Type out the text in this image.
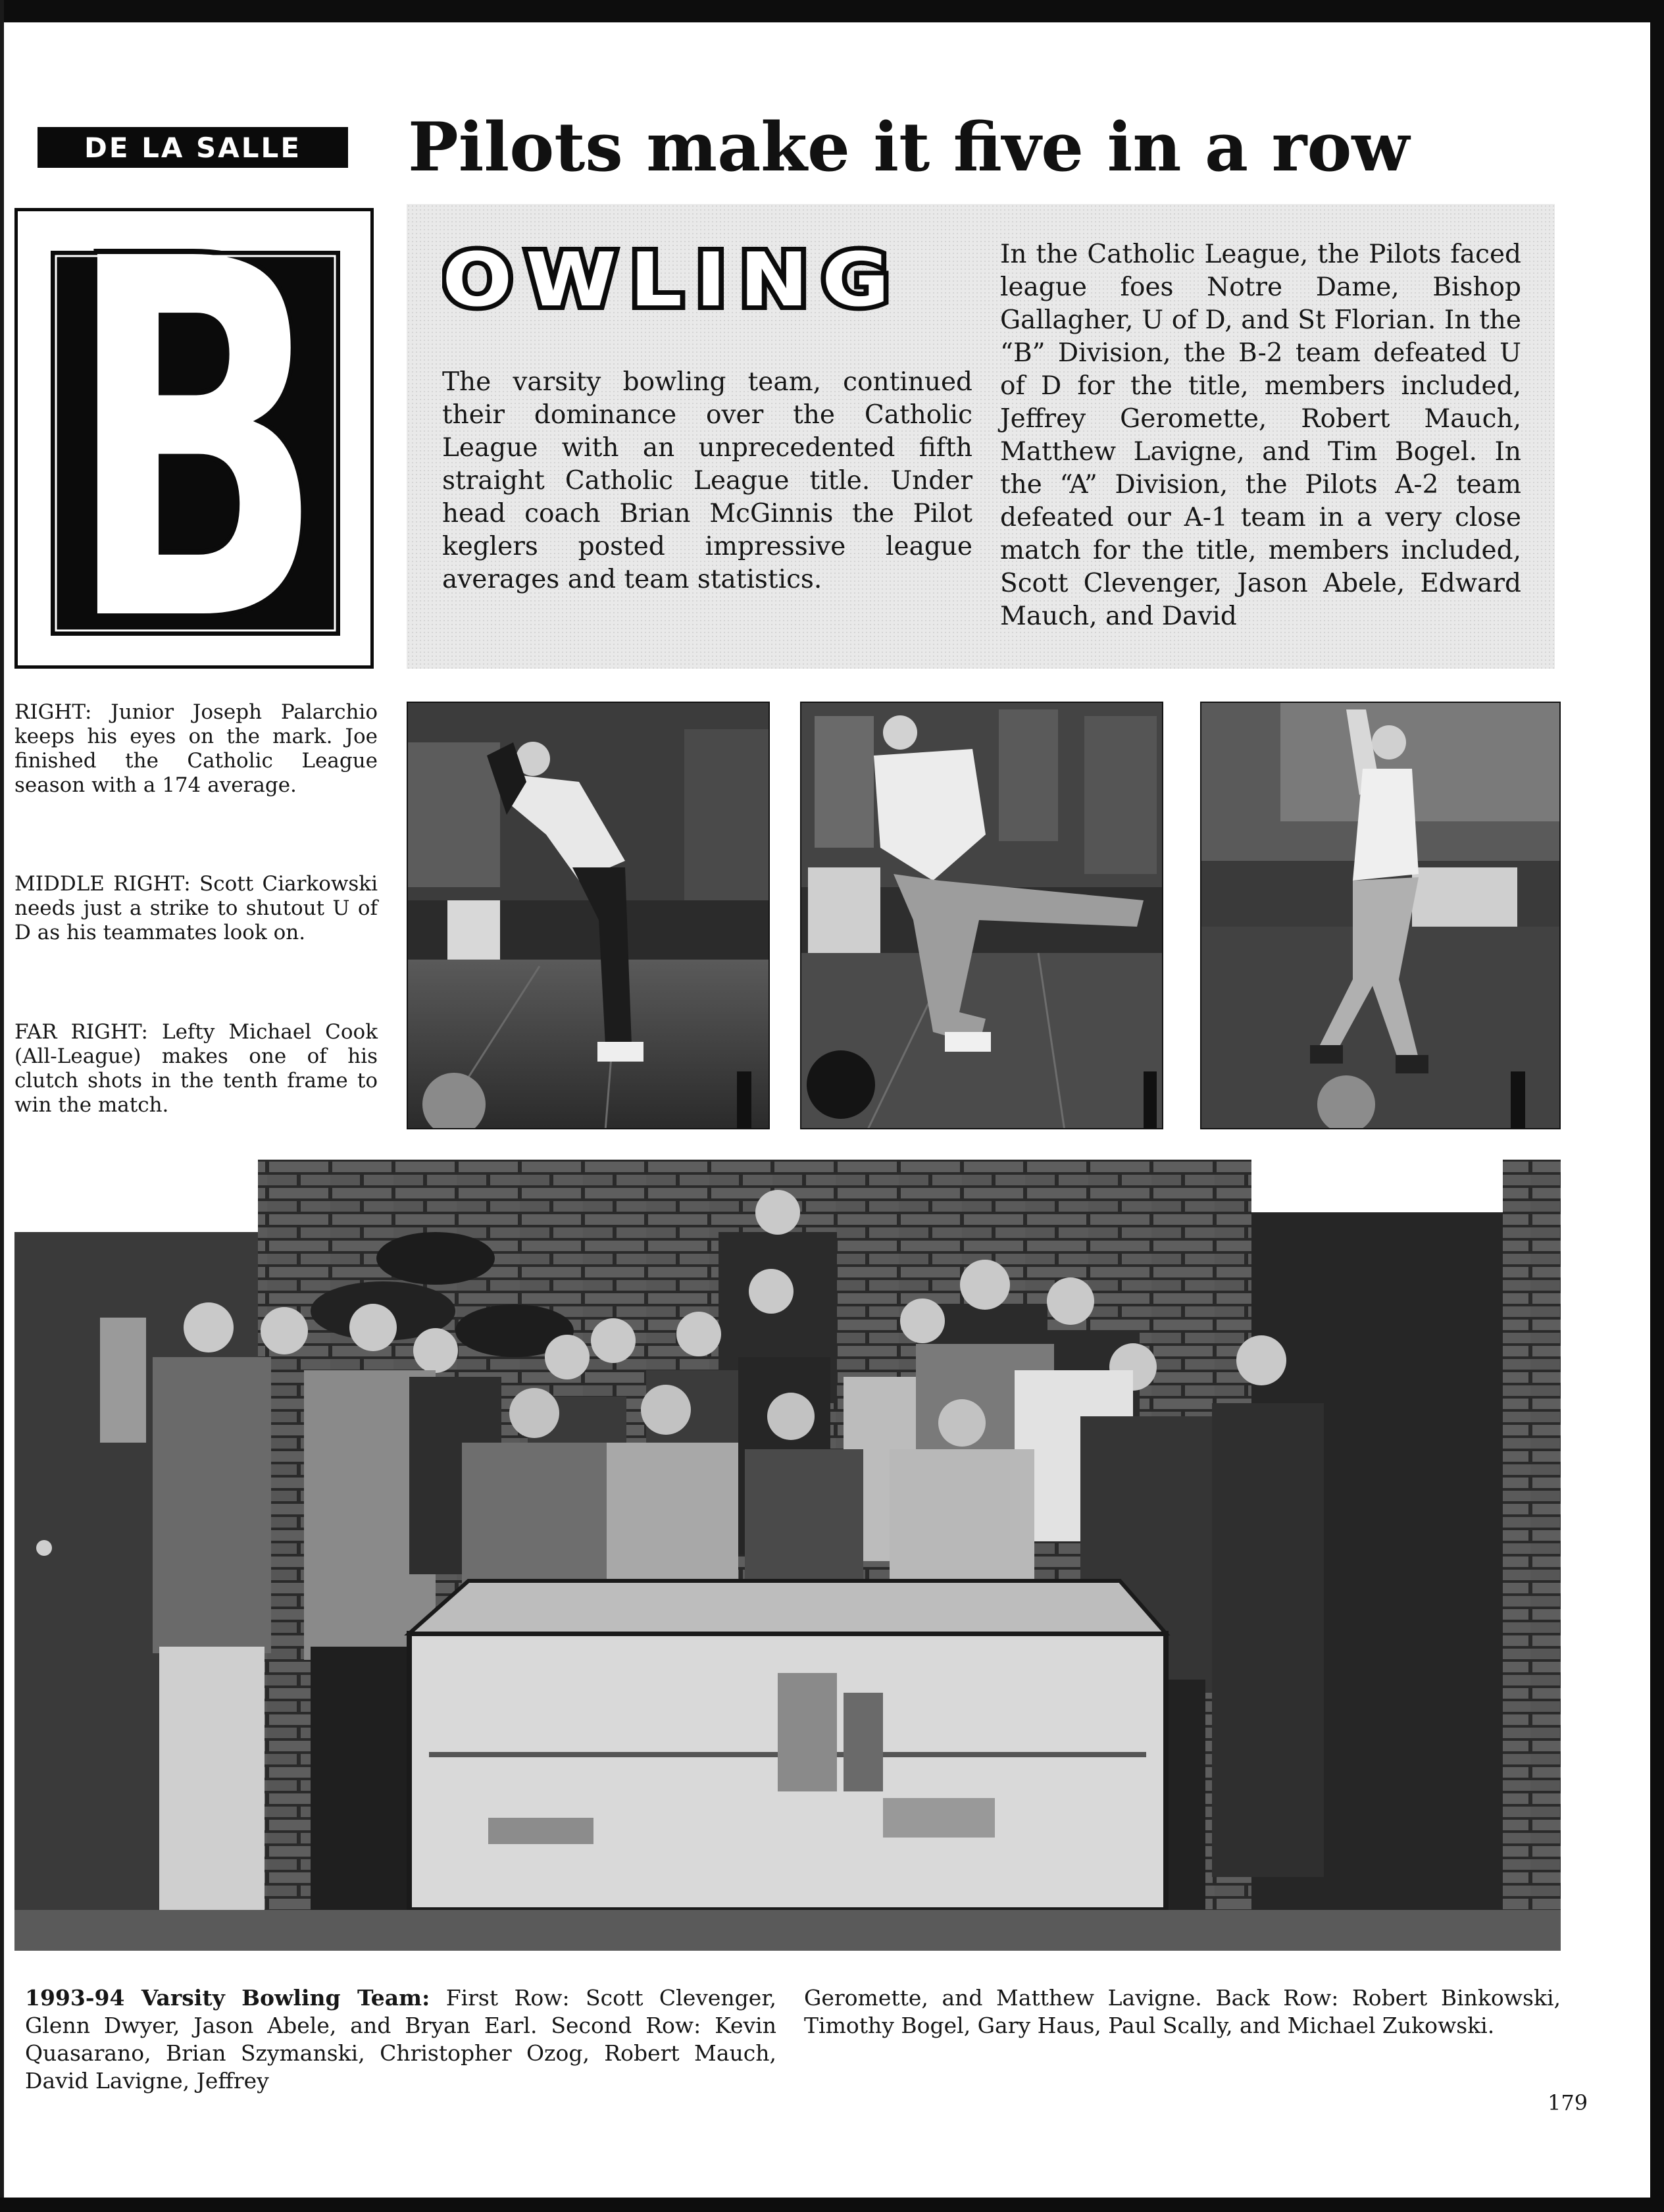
DE LA SALLE	Pilots make it five in a row
B OWLING
The varsity bowling team, continued their dominance over the Catholic League with an unprecedented fifth straight Catholic League title. Under head coach Brian McGinnis the Pilot keglers posted impressive league averages and team statistics.
In the Catholic League, the Pilots faced league foes Notre Dame, Bishop Gallagher, U of D, and St Florian. In the “B” Division, the B-2 team defeated U of D for the title, members included, Jeffrey Geromette, Robert Mauch, Matthew Lavigne, and Tim Bogel. In the “A” Division, the Pilots A-2 team defeated our A-1 team in a very close match for the title, members included, Scott Clevenger, Jason Abele, Edward Mauch, and David
RIGHT: Junior Joseph Palarchio keeps his eyes on the mark. Joe finished the Catholic League season with a 174 average.
MIDDLE RIGHT: Scott Ciarkowski needs just a strike to shutout U of D as his teammates look on.
FAR RIGHT: Lefty Michael Cook (All-League) makes one of his clutch shots in the tenth frame to win the match.
1993-94 Varsity Bowling Team: First Row: Scott Clevenger, Glenn Dwyer, Jason Abele, and Bryan Earl. Second Row: Kevin Quasarano, Brian Szymanski, Christopher Ozog, Robert Mauch, David Lavigne, Jeffrey
Geromette, and Matthew Lavigne. Back Row: Robert Binkowski, Timothy Bogel, Gary Haus, Paul Scally, and Michael Zukowski.
179
